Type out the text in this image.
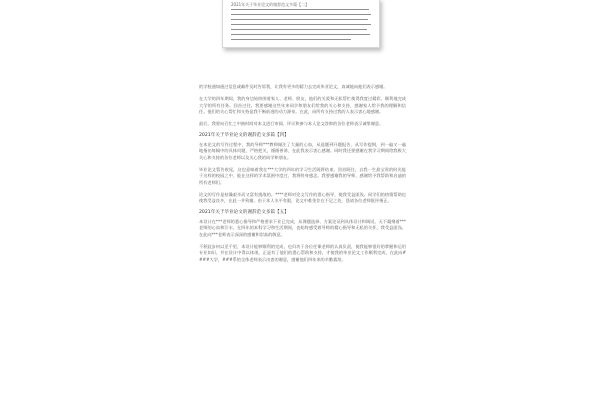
2021年关于毕业论文的谢辞范文多篇【二】

的学校通知通过信息或邮件及时告诉我，让我有更多的精力去完成毕业论文，真诚地向他们表示感谢。

在大学的四年期间，我的身边始终围着家人、老师、朋友，他们的关爱和无私帮忙使得我度过精彩、顺利地完成大学的所有任务。回首过往，我要感谢这些年来同学和朋友们给我的关心和支持，感谢家人给予我的理解和信任。他们的关心帮忙和支持是我不断前进的动力源泉。在此，向所有支持过我的人表示衷心地感谢。

最后，我要向百忙之中抽时间对本文进行审阅、评议和参与本人论文答辩的各位老师表示诚挚谢意。

2021年关于毕业论文的谢辞范文多篇【四】

在本论文的写作过程中，我的导师***教师倾注了大量的心血，从选题到开题报告，从写作提纲，到一遍又一遍地指出每稿中的具体问题，严格把关，循循善诱，在此我表示衷心感谢。同时我还要感谢在我学习期间给我极大关心和支持的各位老师以及关心我的同学和朋友。

毕业论文暂告收尾，这也意味着我在***大学的四年的学习生活既将结束。回首既往，自我一生最宝贵的时光能于这样的校园之中，能在这样的学术氛围中度过，我将终身感念。我要感谢我的导师，感谢给予我帮助和启迪的所有老师们。

论文的写作是枯燥艰辛而又富有挑战的。****老师对论文写作的悉心指导，使我受益匪浅。同学们的热情帮助也使我受益良多，在此一并致谢。由于本人水平有限，论文中难免存在不足之处，恳请各位老师批评指正。

2021年关于毕业论文的谢辞范文多篇【五】

本设计在***老师的悉心指导和严格要求下业已完成，从课题选择、方案论证到具体设计和调试，无不凝聚着***老师的心血和汗水，在四年的本科学习和生活期间，也始终感受着导师的精心指导和无私的关怀，我受益匪浅。在此向***老师表示深深的感谢和崇高的敬意。

不积跬步何以至千里，本设计能够顺利的完成，也归功于各位任课老师的认真负责，使我能够很好的掌握和运用专业知识，并在设计中得以体现。正是有了他们的悉心帮助和支持，才使我的毕业论文工作顺利完成，在此向####大学，###系的全体老师表示由衷的谢意，感谢他们四年来的辛勤栽培。
